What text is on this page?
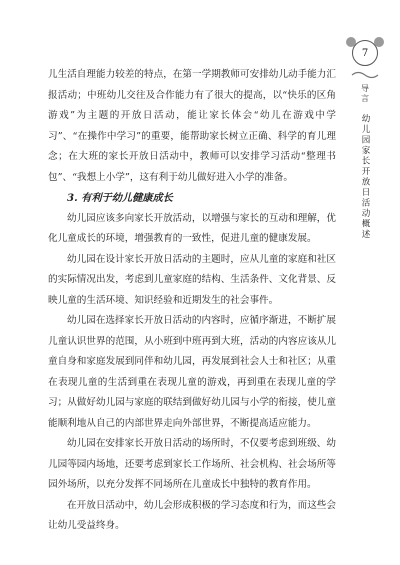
儿生活自理能力较差的特点，在第一学期教师可安排幼儿动手能力汇报活动；中班幼儿交往及合作能力有了很大的提高，以“快乐的区角游戏”为主题的开放日活动，能让家长体会“幼儿在游戏中学习”、“在操作中学习”的重要，能帮助家长树立正确、科学的育儿理念；在大班的家长开放日活动中，教师可以安排学习活动“整理书包”、“我想上小学”，这有利于幼儿做好进入小学的准备。

3. 有利于幼儿健康成长

幼儿园应该多向家长开放活动，以增强与家长的互动和理解，优化儿童成长的环境，增强教育的一致性，促进儿童的健康发展。

幼儿园在设计家长开放日活动的主题时，应从儿童的家庭和社区的实际情况出发，考虑到儿童家庭的结构、生活条件、文化背景、反映儿童的生活环境、知识经验和近期发生的社会事件。

幼儿园在选择家长开放日活动的内容时，应循序渐进，不断扩展儿童认识世界的范围，从小班到中班再到大班，活动的内容应该从儿童自身和家庭发展到同伴和幼儿园，再发展到社会人士和社区；从重在表现儿童的生活到重在表现儿童的游戏，再到重在表现儿童的学习；从做好幼儿园与家庭的联结到做好幼儿园与小学的衔接，使儿童能顺利地从自己的内部世界走向外部世界，不断提高适应能力。

幼儿园在安排家长开放日活动的场所时，不仅要考虑到班级、幼儿园等园内场地，还要考虑到家长工作场所、社会机构、社会场所等园外场所，以充分发挥不同场所在儿童成长中独特的教育作用。

在开放日活动中，幼儿会形成积极的学习态度和行为，而这些会让幼儿受益终身。

7
导言
幼儿园家长开放日活动概述
